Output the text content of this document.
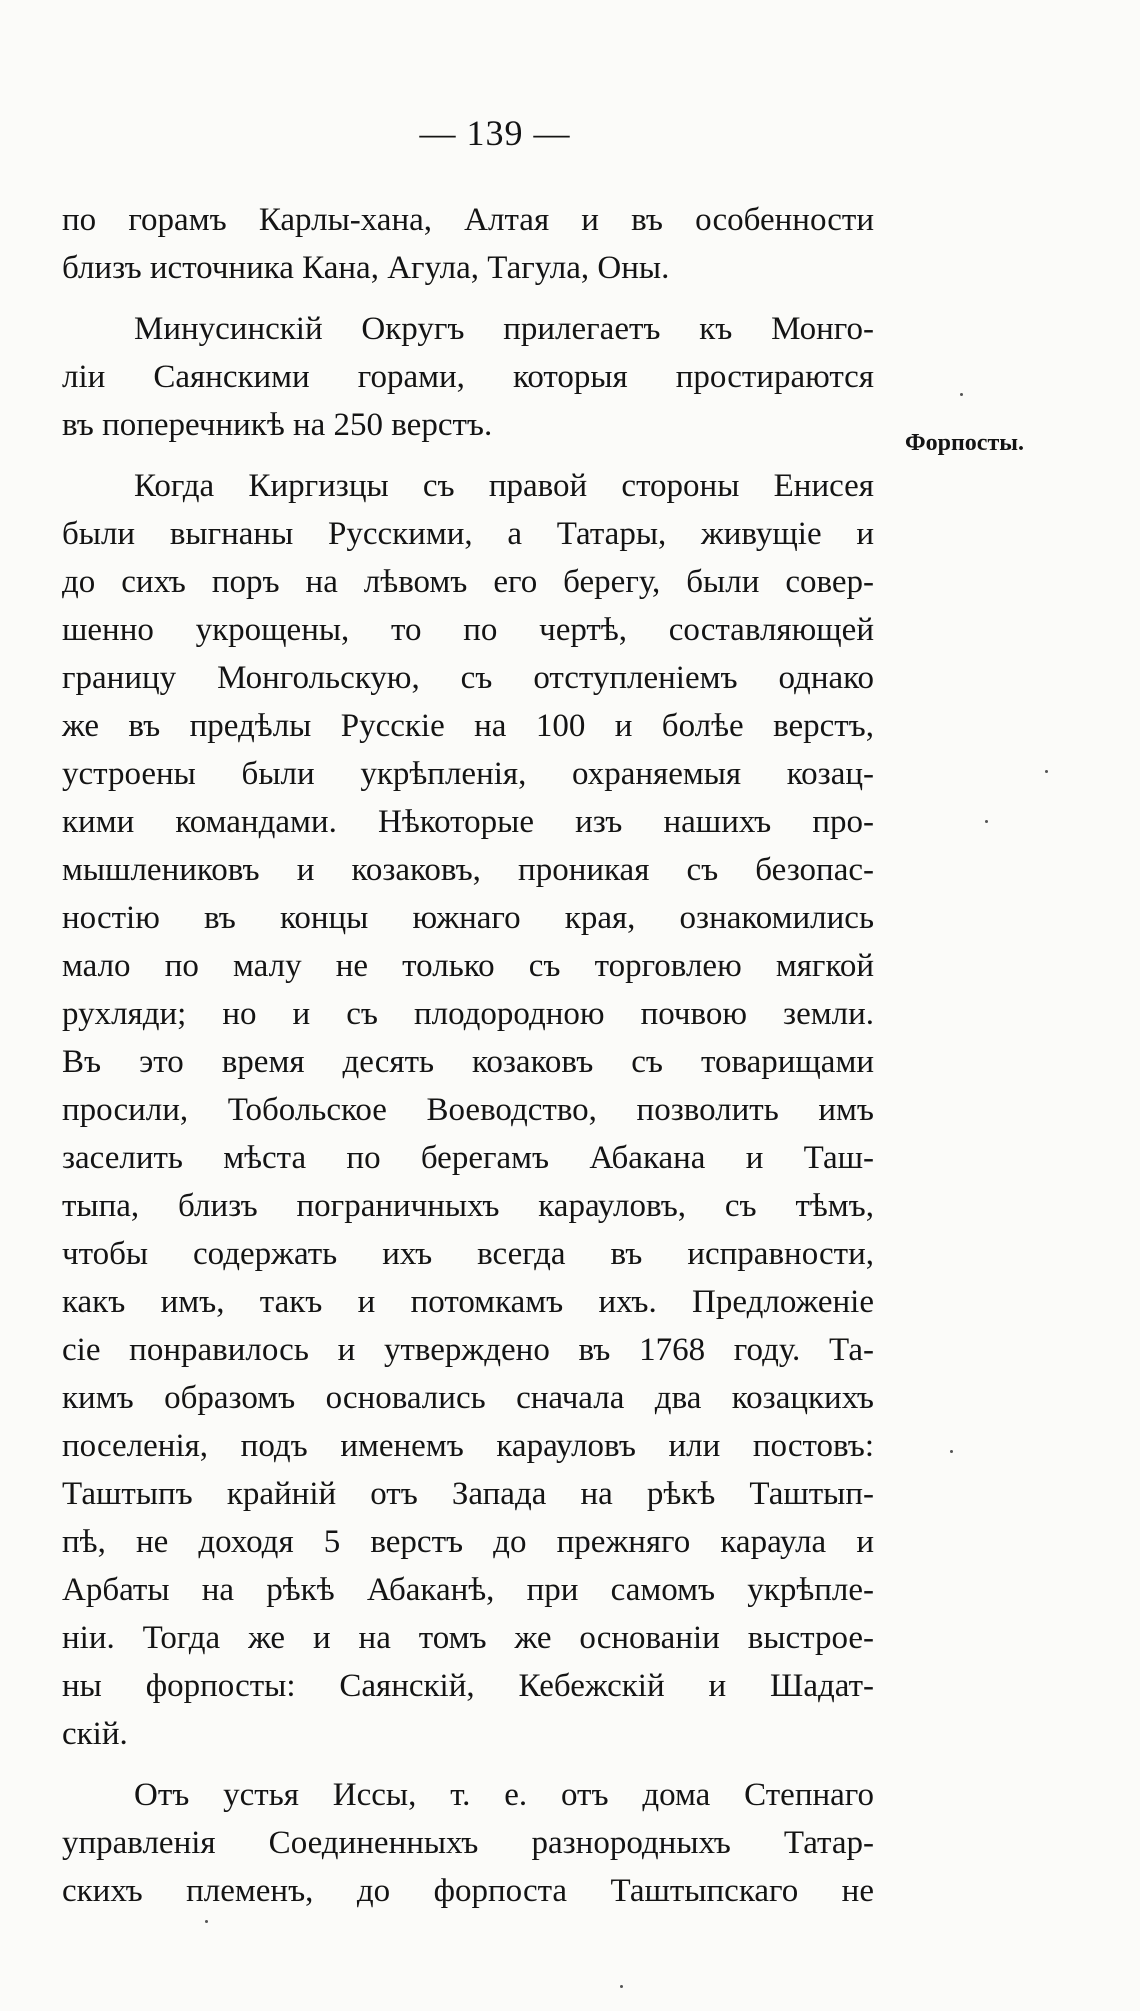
— 139 —
по горамъ Карлы-хана, Алтая и въ особенности
близъ источника Кана, Агула, Тагула, Оны.
Минусинскій Округъ прилегаетъ къ Монго-
ліи Саянскими горами, которыя простираются
въ поперечникѣ на 250 верстъ.
Когда Киргизцы съ правой стороны Енисея
были выгнаны Русскими, а Татары, живущіе и
до сихъ поръ на лѣвомъ его берегу, были совер-
шенно укрощены, то по чертѣ, составляющей
границу Монгольскую, съ отступленіемъ однако
же въ предѣлы Русскіе на 100 и болѣе верстъ,
устроены были укрѣпленія, охраняемыя козац-
кими командами. Нѣкоторые изъ нашихъ про-
мышлениковъ и козаковъ, проникая съ безопас-
ностію въ концы южнаго края, ознакомились
мало по малу не только съ торговлею мягкой
рухляди; но и съ плодородною почвою земли.
Въ это время десять козаковъ съ товарищами
просили, Тобольское Воеводство, позволить имъ
заселить мѣста по берегамъ Абакана и Таш-
тыпа, близъ пограничныхъ карауловъ, съ тѣмъ,
чтобы содержать ихъ всегда въ исправности,
какъ имъ, такъ и потомкамъ ихъ. Предложеніе
сіе понравилось и утверждено въ 1768 году. Та-
кимъ образомъ основались сначала два козацкихъ
поселенія, подъ именемъ карауловъ или постовъ:
Таштыпъ крайній отъ Запада на рѣкѣ Таштып-
пѣ, не доходя 5 верстъ до прежняго караула и
Арбаты на рѣкѣ Абаканѣ, при самомъ укрѣпле-
ніи. Тогда же и на томъ же основаніи выстрое-
ны форпосты: Саянскій, Кебежскій и Шадат-
скій.
Отъ устья Иссы, т. е. отъ дома Степнаго
управленія Соединенныхъ разнородныхъ Татар-
скихъ племенъ, до форпоста Таштыпскаго не
Форпосты.
